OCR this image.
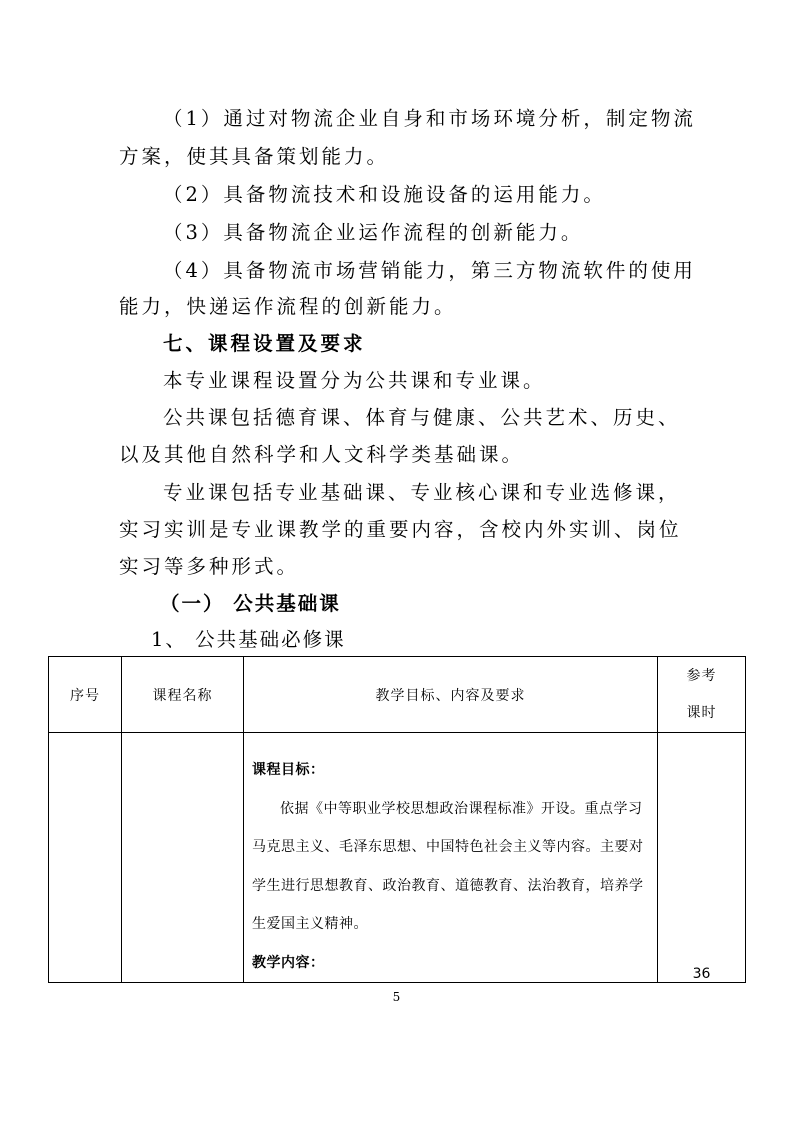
（1）通过对物流企业自身和市场环境分析，制定物流
方案，使其具备策划能力。
（2）具备物流技术和设施设备的运用能力。
（3）具备物流企业运作流程的创新能力。
（4）具备物流市场营销能力，第三方物流软件的使用
能力，快递运作流程的创新能力。
七、课程设置及要求
本专业课程设置分为公共课和专业课。
公共课包括德育课、体育与健康、公共艺术、历史、
以及其他自然科学和人文科学类基础课。
专业课包括专业基础课、专业核心课和专业选修课，
实习实训是专业课教学的重要内容，含校内外实训、岗位
实习等多种形式。
（一） 公共基础课
1、 公共基础必修课
序号	课程名称	教学目标、内容及要求	参考
课时

		课程目标：
依据《中等职业学校思想政治课程标准》开设。重点学习马克思主义、毛泽东思想、中国特色社会主义等内容。主要对学生进行思想教育、政治教育、道德教育、法治教育，培养学生爱国主义精神。
教学内容：	36
5
